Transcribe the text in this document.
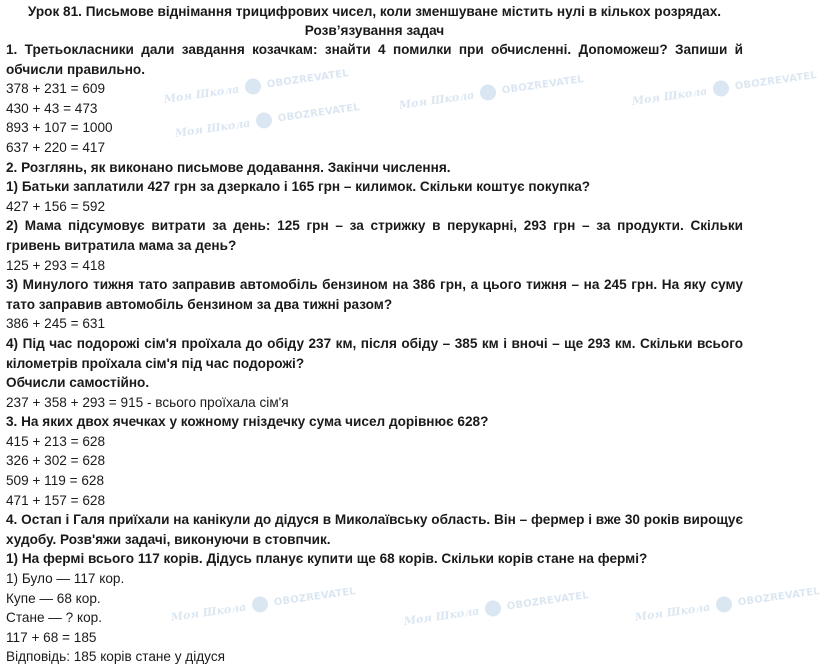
Моя Школа
OBOZREVATEL
Моя Школа
OBOZREVATEL
Моя Школа
OBOZREVATEL
Моя Школа
OBOZREVATEL
Моя Школа
OBOZREVATEL
Моя Школа
OBOZREVATEL
Моя Школа
OBOZREVATEL

Урок 81. Письмове віднімання трицифрових чисел, коли зменшуване містить нулі в кількох розрядах.

Розв’язування задач

1. Третьокласники дали завдання козачкам: знайти 4 помилки при обчисленні. Допоможеш? Запиши й обчисли правильно.

378 + 231 = 609

430 + 43 = 473

893 + 107 = 1000

637 + 220 = 417

2. Розглянь, як виконано письмове додавання. Закінчи числення.

1) Батьки заплатили 427 грн за дзеркало і 165 грн – килимок. Скільки коштує покупка?

427 + 156 = 592

2) Мама підсумовує витрати за день: 125 грн – за стрижку в перукарні, 293 грн – за продукти. Скільки гривень витратила мама за день?

125 + 293 = 418

3) Минулого тижня тато заправив автомобіль бензином на 386 грн, а цього тижня – на 245 грн. На яку суму тато заправив автомобіль бензином за два тижні разом?

386 + 245 = 631

4) Під час подорожі сім'я проїхала до обіду 237 км, після обіду – 385 км і вночі – ще 293 км. Скільки всього кілометрів проїхала сім'я під час подорожі?

Обчисли самостійно.

237 + 358 + 293 = 915 - всього проїхала сім'я

3. На яких двох ячечках у кожному гніздечку сума чисел дорівнює 628?

415 + 213 = 628

326 + 302 = 628

509 + 119 = 628

471 + 157 = 628

4. Остап і Галя приїхали на канікули до дідуся в Миколаївську область. Він – фермер і вже 30 років вирощує худобу. Розв'яжи задачі, виконуючи в стовпчик.

1) На фермі всього 117 корів. Дідусь планує купити ще 68 корів. Скільки корів стане на фермі?

1) Було — 117 кор.

Купе — 68 кор.

Стане — ? кор.

117 + 68 = 185

Відповідь: 185 корів стане у дідуся
